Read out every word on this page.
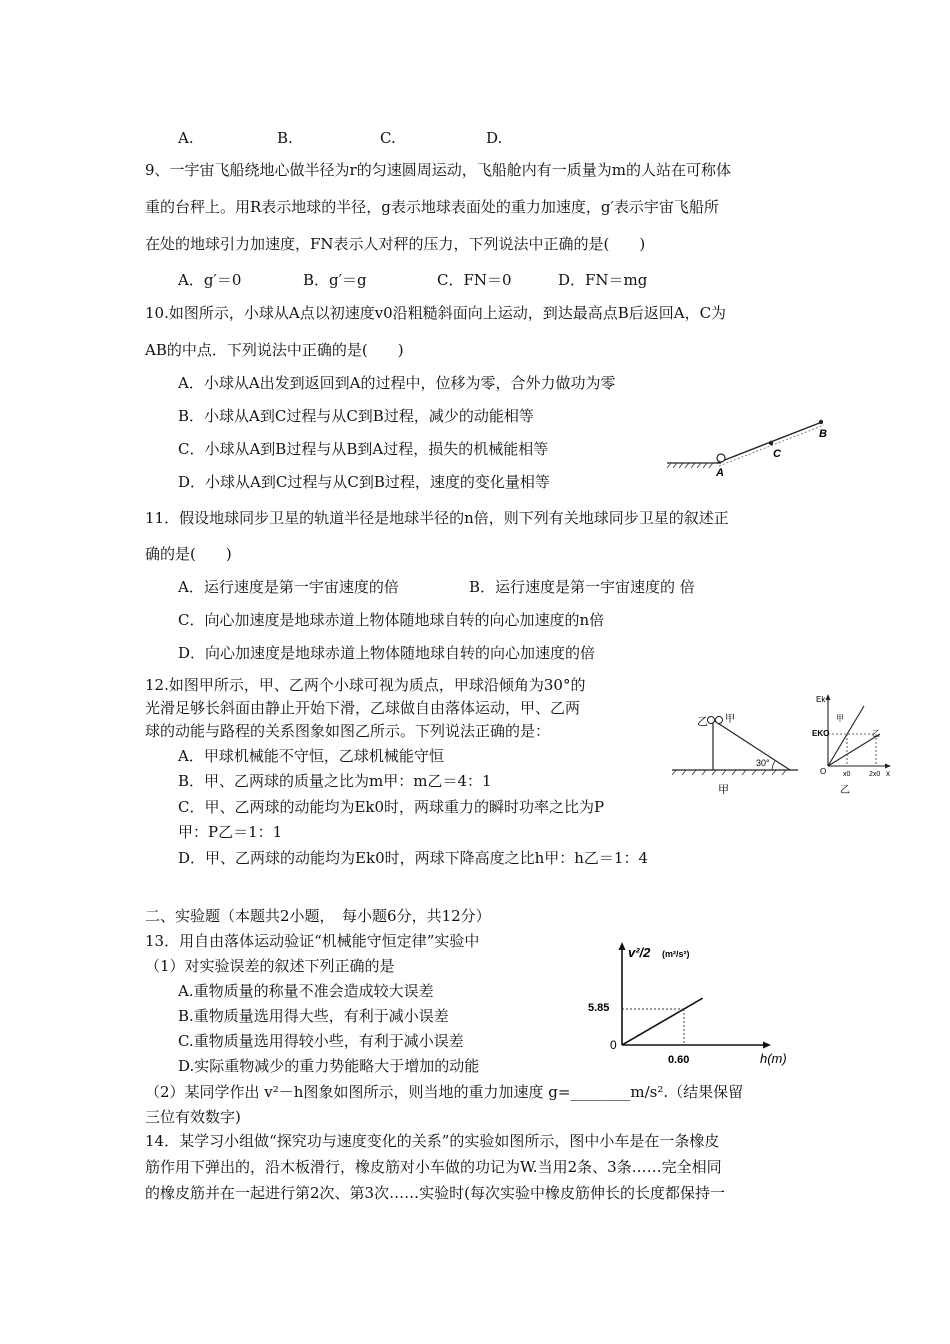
A.	B.	C.	D.
9、一宇宙飞船绕地心做半径为r的匀速圆周运动，飞船舱内有一质量为m的人站在可称体
重的台秤上。用R表示地球的半径，g表示地球表面处的重力加速度，g′表示宇宙飞船所
在处的地球引力加速度，FN表示人对秤的压力，下列说法中正确的是(　　)
A．g′＝0	B．g′＝g	C．FN＝0	D．FN＝mg
10.如图所示，小球从A点以初速度v0沿粗糙斜面向上运动，到达最高点B后返回A，C为
AB的中点．下列说法中正确的是(　　)
A．小球从A出发到返回到A的过程中，位移为零，合外力做功为零
B．小球从A到C过程与从C到B过程，减少的动能相等
C．小球从A到B过程与从B到A过程，损失的机械能相等
D．小球从A到C过程与从C到B过程，速度的变化量相等	A
C
B
11．假设地球同步卫星的轨道半径是地球半径的n倍，则下列有关地球同步卫星的叙述正
确的是(　　)
A．运行速度是第一宇宙速度的倍	B．运行速度是第一宇宙速度的 倍
C．向心加速度是地球赤道上物体随地球自转的向心加速度的n倍
D．向心加速度是地球赤道上物体随地球自转的向心加速度的倍
12.如图甲所示，甲、乙两个小球可视为质点，甲球沿倾角为30°的
光滑足够长斜面由静止开始下滑，乙球做自由落体运动，甲、乙两
球的动能与路程的关系图象如图乙所示。下列说法正确的是：
A．甲球机械能不守恒，乙球机械能守恒
B．甲、乙两球的质量之比为m甲：m乙＝4：1
C．甲、乙两球的动能均为Ek0时，两球重力的瞬时功率之比为P
甲：P乙＝1：1
D．甲、乙两球的动能均为Ek0时，两球下降高度之比h甲：h乙＝1：4
乙 甲
30°
甲
Ek
EKO
甲
乙
O x0	2x0 x
乙
二、实验题（本题共2小题，　每小题6分，共12分）
13．用自由落体运动验证“机械能守恒定律”实验中
（1）对实验误差的叙述下列正确的是
A.重物质量的称量不准会造成较大误差
B.重物质量选用得大些，有利于减小误差
C.重物质量选用得较小些，有利于减小误差
D.实际重物减少的重力势能略大于增加的动能
（2）某同学作出 v²－h图象如图所示，则当地的重力加速度 g=________m/s².（结果保留
三位有效数字)
v²/2 (m²/s²)
5.85
0.60	h(m)
0
14．某学习小组做“探究功与速度变化的关系”的实验如图所示，图中小车是在一条橡皮
筋作用下弹出的，沿木板滑行，橡皮筋对小车做的功记为W.当用2条、3条……完全相同
的橡皮筋并在一起进行第2次、第3次……实验时(每次实验中橡皮筋伸长的长度都保持一
